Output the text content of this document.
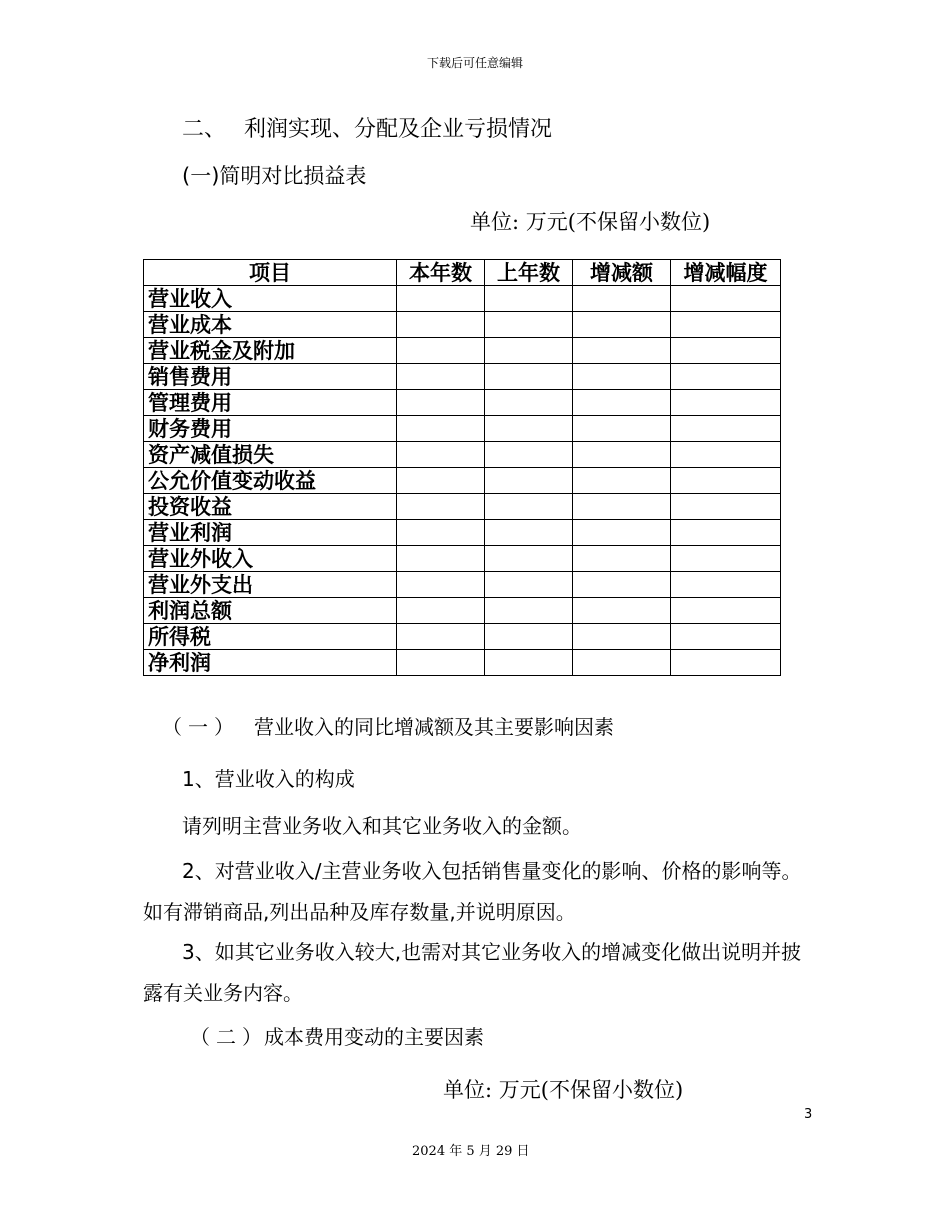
下载后可任意编辑
二、 利润实现、分配及企业亏损情况
(一)简明对比损益表
单位: 万元(不保留小数位)
项目	本年数	上年数	增减额	增减幅度
营业收入				
营业成本				
营业税金及附加				
销售费用				
管理费用				
财务费用				
资产减值损失				
公允价值变动收益				
投资收益				
营业利润				
营业外收入				
营业外支出				
利润总额				
所得税				
净利润				
（一） 营业收入的同比增减额及其主要影响因素
1、营业收入的构成
请列明主营业务收入和其它业务收入的金额。
2、对营业收入/主营业务收入包括销售量变化的影响、价格的影响等。如有滞销商品,列出品种及库存数量,并说明原因。
3、如其它业务收入较大,也需对其它业务收入的增减变化做出说明并披露有关业务内容。
（二）成本费用变动的主要因素
单位: 万元(不保留小数位)
3
2024 年 5 月 29 日
